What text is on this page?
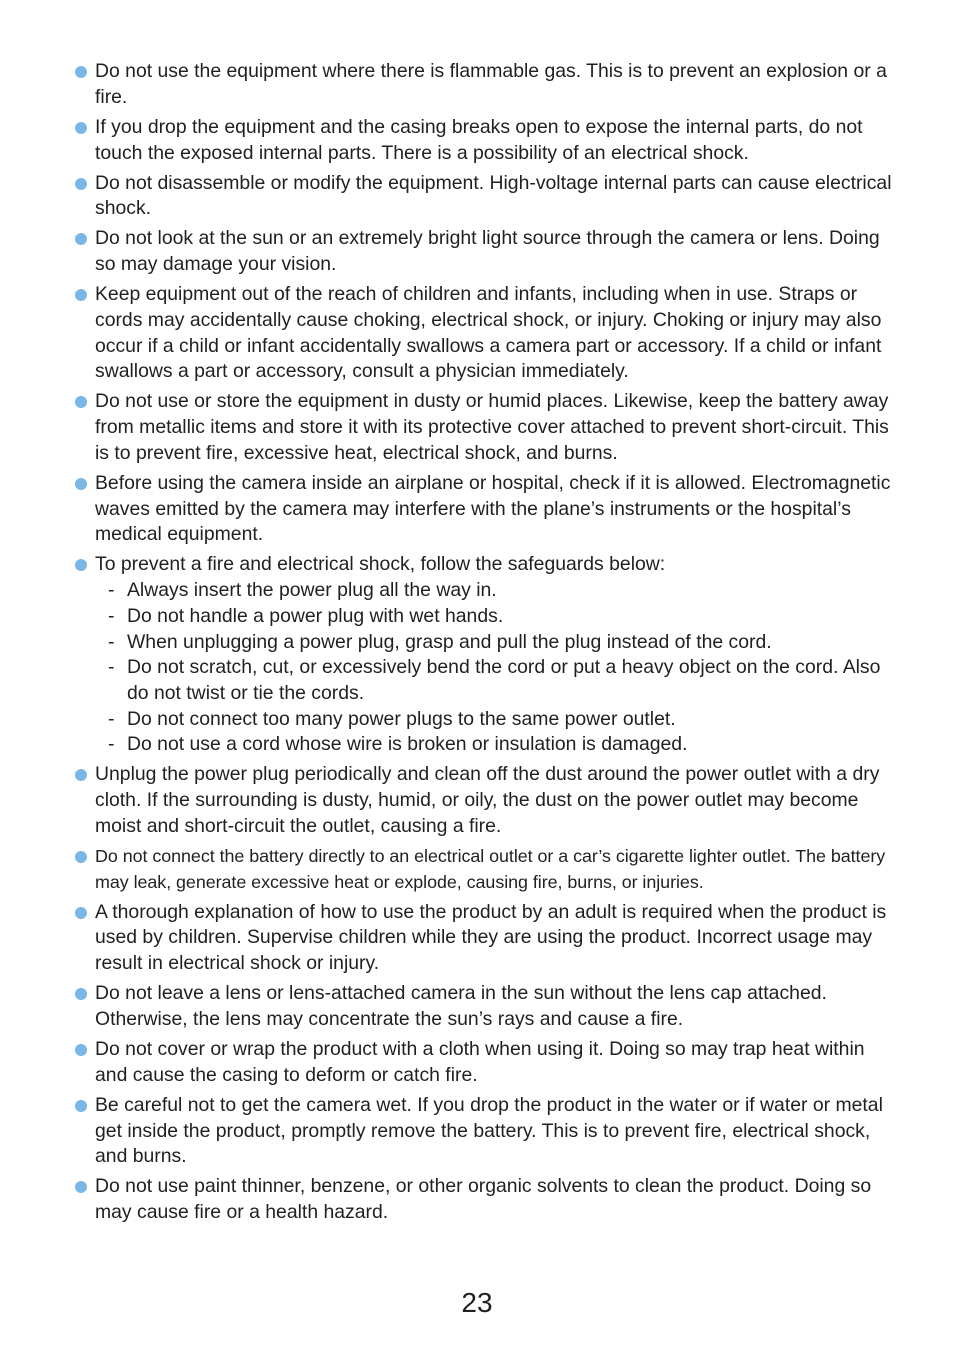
Do not use the equipment where there is flammable gas. This is to prevent an explosion or a fire.
If you drop the equipment and the casing breaks open to expose the internal parts, do not touch the exposed internal parts. There is a possibility of an electrical shock.
Do not disassemble or modify the equipment. High-voltage internal parts can cause electrical shock.
Do not look at the sun or an extremely bright light source through the camera or lens. Doing so may damage your vision.
Keep equipment out of the reach of children and infants, including when in use. Straps or cords may accidentally cause choking, electrical shock, or injury. Choking or injury may also occur if a child or infant accidentally swallows a camera part or accessory. If a child or infant swallows a part or accessory, consult a physician immediately.
Do not use or store the equipment in dusty or humid places. Likewise, keep the battery away from metallic items and store it with its protective cover attached to prevent short-circuit. This is to prevent fire, excessive heat, electrical shock, and burns.
Before using the camera inside an airplane or hospital, check if it is allowed. Electromagnetic waves emitted by the camera may interfere with the plane’s instruments or the hospital’s medical equipment.
To prevent a fire and electrical shock, follow the safeguards below:
- Always insert the power plug all the way in.
- Do not handle a power plug with wet hands.
- When unplugging a power plug, grasp and pull the plug instead of the cord.
- Do not scratch, cut, or excessively bend the cord or put a heavy object on the cord. Also do not twist or tie the cords.
- Do not connect too many power plugs to the same power outlet.
- Do not use a cord whose wire is broken or insulation is damaged.
Unplug the power plug periodically and clean off the dust around the power outlet with a dry cloth. If the surrounding is dusty, humid, or oily, the dust on the power outlet may become moist and short-circuit the outlet, causing a fire.
Do not connect the battery directly to an electrical outlet or a car’s cigarette lighter outlet. The battery may leak, generate excessive heat or explode, causing fire, burns, or injuries.
A thorough explanation of how to use the product by an adult is required when the product is used by children. Supervise children while they are using the product. Incorrect usage may result in electrical shock or injury.
Do not leave a lens or lens-attached camera in the sun without the lens cap attached. Otherwise, the lens may concentrate the sun’s rays and cause a fire.
Do not cover or wrap the product with a cloth when using it. Doing so may trap heat within and cause the casing to deform or catch fire.
Be careful not to get the camera wet. If you drop the product in the water or if water or metal get inside the product, promptly remove the battery. This is to prevent fire, electrical shock, and burns.
Do not use paint thinner, benzene, or other organic solvents to clean the product. Doing so may cause fire or a health hazard.
23
